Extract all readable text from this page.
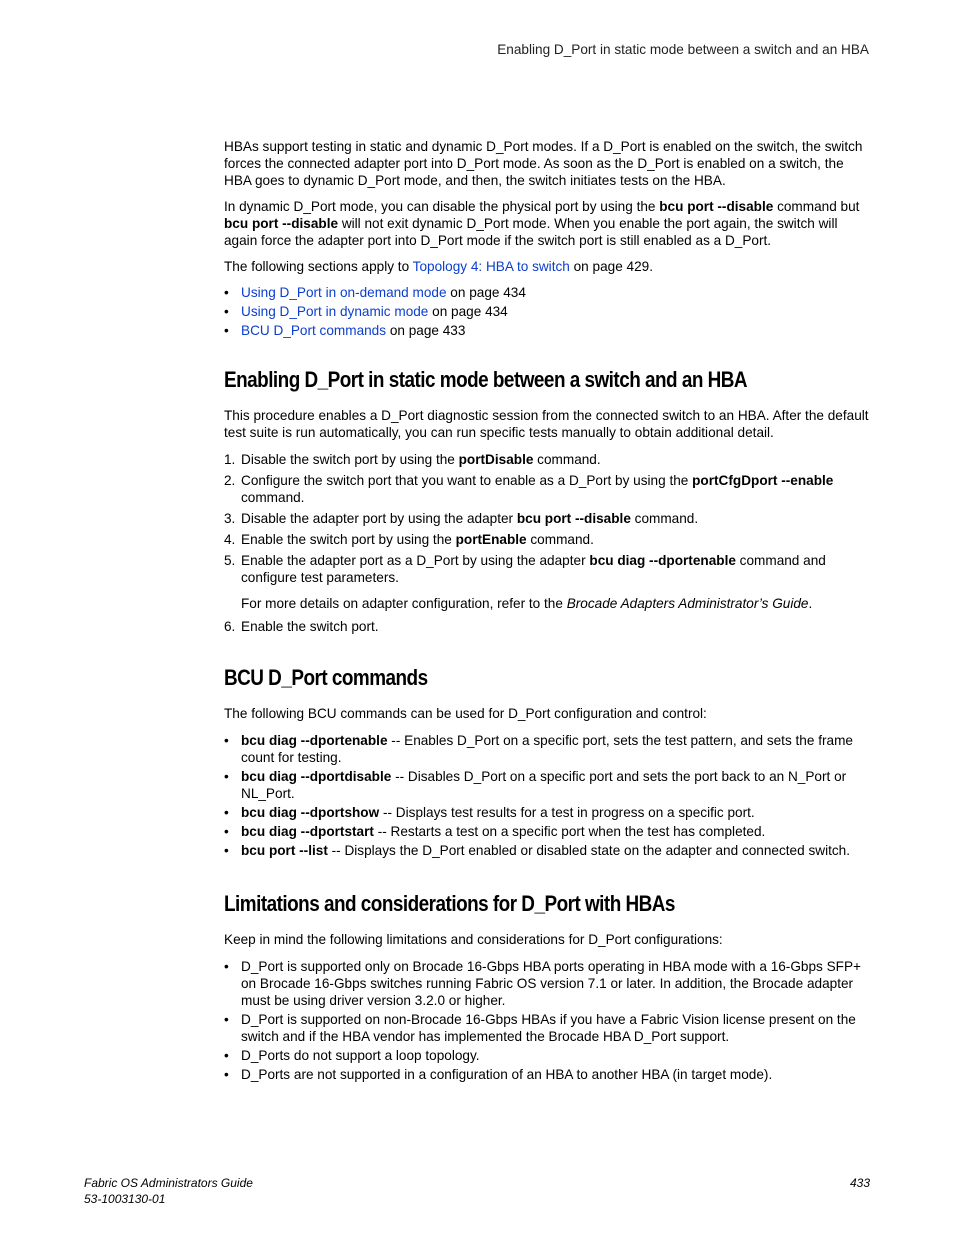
Enabling D_Port in static mode between a switch and an HBA

HBAs support testing in static and dynamic D_Port modes. If a D_Port is enabled on the switch, the switch forces the connected adapter port into D_Port mode. As soon as the D_Port is enabled on a switch, the HBA goes to dynamic D_Port mode, and then, the switch initiates tests on the HBA.

In dynamic D_Port mode, you can disable the physical port by using the bcu port --disable command but bcu port --disable will not exit dynamic D_Port mode. When you enable the port again, the switch will again force the adapter port into D_Port mode if the switch port is still enabled as a D_Port.

The following sections apply to Topology 4: HBA to switch on page 429.

• Using D_Port in on-demand mode on page 434
• Using D_Port in dynamic mode on page 434
• BCU D_Port commands on page 433
Enabling D_Port in static mode between a switch and an HBA

This procedure enables a D_Port diagnostic session from the connected switch to an HBA. After the default test suite is run automatically, you can run specific tests manually to obtain additional detail.

1. Disable the switch port by using the portDisable command.
2. Configure the switch port that you want to enable as a D_Port by using the portCfgDport --enable command.
3. Disable the adapter port by using the adapter bcu port --disable command.
4. Enable the switch port by using the portEnable command.
5. Enable the adapter port as a D_Port by using the adapter bcu diag --dportenable command and configure test parameters.

For more details on adapter configuration, refer to the Brocade Adapters Administrator’s Guide.

6. Enable the switch port.
BCU D_Port commands

The following BCU commands can be used for D_Port configuration and control:

• bcu diag --dportenable -- Enables D_Port on a specific port, sets the test pattern, and sets the frame count for testing.
• bcu diag --dportdisable -- Disables D_Port on a specific port and sets the port back to an N_Port or NL_Port.
• bcu diag --dportshow -- Displays test results for a test in progress on a specific port.
• bcu diag --dportstart -- Restarts a test on a specific port when the test has completed.
• bcu port --list -- Displays the D_Port enabled or disabled state on the adapter and connected switch.
Limitations and considerations for D_Port with HBAs

Keep in mind the following limitations and considerations for D_Port configurations:

• D_Port is supported only on Brocade 16-Gbps HBA ports operating in HBA mode with a 16-Gbps SFP+ on Brocade 16-Gbps switches running Fabric OS version 7.1 or later. In addition, the Brocade adapter must be using driver version 3.2.0 or higher.
• D_Port is supported on non-Brocade 16-Gbps HBAs if you have a Fabric Vision license present on the switch and if the HBA vendor has implemented the Brocade HBA D_Port support.
• D_Ports do not support a loop topology.
• D_Ports are not supported in a configuration of an HBA to another HBA (in target mode).
Fabric OS Administrators Guide
53-1003130-01
433
